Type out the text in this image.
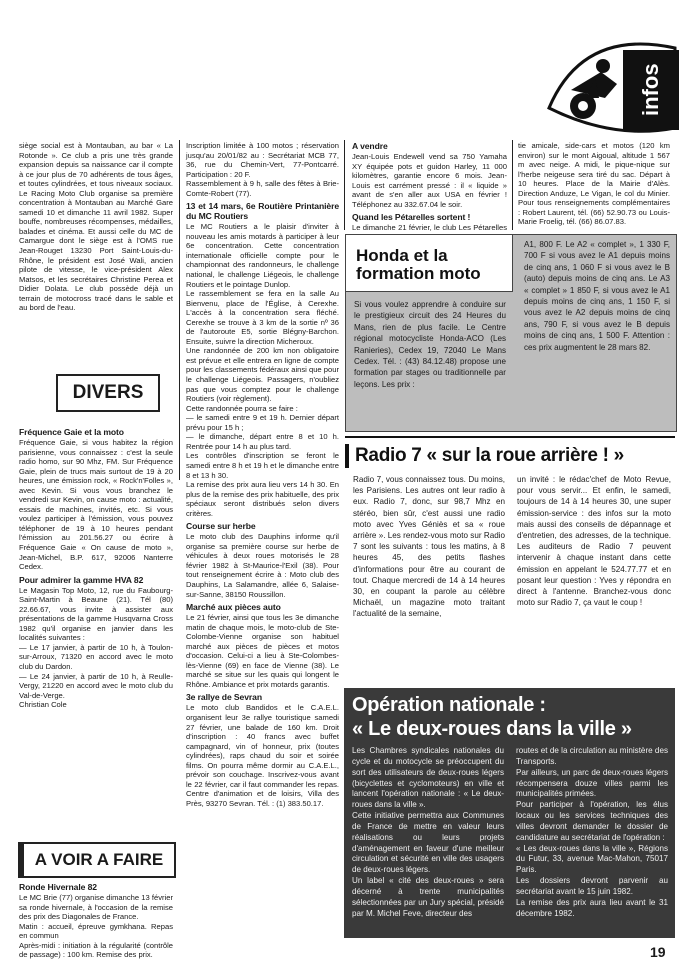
infos

siège social est à Montauban, au bar « La Rotonde ». Ce club a pris une très grande expansion depuis sa naissance car il compte à ce jour plus de 70 adhérents de tous âges, et toutes cylindrées, et tous niveaux sociaux. Le Racing Moto Club organise sa première concentration à Montauban au Marché Gare samedi 10 et dimanche 11 avril 1982. Super bouffe, nombreuses récompenses, médailles, balades et cinéma. Et aussi celle du MC de Camargue dont le siège est à l'OMS rue Jean-Rouget 13230 Port Saint-Louis-du-Rhône, le président est José Wali, ancien pilote de vitesse, le vice-président Alex Matsos, et les secrétaires Christine Perea et Didier Dolata. Le club possède déjà un terrain de motocross tracé dans le sable et au bord de l'eau.

DIVERS
Fréquence Gaie et la moto

Fréquence Gaie, si vous habitez la région parisienne, vous connaissez : c'est la seule radio homo, sur 90 Mhz, FM. Sur Fréquence Gaie, plein de trucs mais surtout de 19 à 20 heures, une émission rock, « Rock'n'Folles », avec Kevin. Si vous vous branchez le vendredi sur Kevin, on cause moto : actualité, essais de machines, invités, etc. Si vous voulez participer à l'émission, vous pouvez téléphoner de 19 à 10 heures pendant l'émission au 201.56.27 ou écrire à Fréquence Gaie « On cause de moto », Jean-Michel, B.P. 617, 92006 Nanterre Cedex.

Pour admirer la gamme HVA 82

Le Magasin Top Moto, 12, rue du Faubourg-Saint-Martin à Beaune (21). Tél (80) 22.66.67, vous invite à assister aux présentations de la gamme Husqvarna Cross 1982 qu'il organise en janvier dans les localités suivantes :

— Le 17 janvier, à partir de 10 h, à Toulon-sur-Arroux, 71320 en accord avec le moto club du Dardon.

— Le 24 janvier, à partir de 10 h, à Reulle-Vergy, 21220 en accord avec le moto club du Val-de-Verge.

Christian Cole

A VOIR A FAIRE
Ronde Hivernale 82

Le MC Brie (77) organise dimanche 13 février sa ronde hivernale, à l'occasion de la remise des prix des Diagonales de France.

Matin : accueil, épreuve gymkhana. Repas en commun

Après-midi : initiation à la régularité (contrôle de passage) : 100 km. Remise des prix.

Inscription limitée à 100 motos ; réservation jusqu'au 20/01/82 au : Secrétariat MCB 77, 36, rue du Chemin-Vert, 77-Pontcarré. Participation : 20 F.

Rassemblement à 9 h, salle des fêtes à Brie-Comte-Robert (77).

13 et 14 mars, 6e Routière Printanière du MC Routiers

Le MC Routiers a le plaisir d'inviter à nouveau les amis motards à participer à leur 6e concentration. Cette concentration internationale officielle compte pour le championnat des randonneurs, le challenge national, le challenge Liégeois, le challenge Routiers et le pointage Dunlop.

Le rassemblement se fera en la salle Au Bienvenu, place de l'Église, à Cerexhe. L'accès à la concentration sera fléché. Cerexhe se trouve à 3 km de la sortie nº 36 de l'autoroute E5, sortie Blégny-Barchon. Ensuite, suivre la direction Micheroux.

Une randonnée de 200 km non obligatoire est prévue et elle entrera en ligne de compte pour les classements fédéraux ainsi que pour le challenge Liégeois. Passagers, n'oubliez pas que vous comptez pour le challenge Routiers (voir règlement).

Cette randonnée pourra se faire :

— le samedi entre 9 et 19 h. Dernier départ prévu pour 15 h ;

— le dimanche, départ entre 8 et 10 h. Rentrée pour 14 h au plus tard.

Les contrôles d'inscription se feront le samedi entre 8 h et 19 h et le dimanche entre 8 et 13 h 30.

La remise des prix aura lieu vers 14 h 30. En plus de la remise des prix habituelle, des prix spéciaux seront distribués selon divers critères.

Course sur herbe

Le moto club des Dauphins informe qu'il organise sa première course sur herbe de véhicules à deux roues motorisés le 28 février 1982 à St-Maurice-l'Exil (38). Pour tout renseignement écrire à : Moto club des Dauphins, La Salamandre, allée 6, Salaise-sur-Sanne, 38150 Roussillon.

Marché aux pièces auto

Le 21 février, ainsi que tous les 3e dimanche matin de chaque mois, le moto-club de Ste-Colombe-Vienne organise son habituel marché aux pièces de pièces et motos d'occasion. Celui-ci a lieu à Ste-Colombes-lès-Vienne (69) en face de Vienne (38). Le marché se situe sur les quais qui longent le Rhône. Ambiance et prix motards garantis.

3e rallye de Sevran

Le moto club Bandidos et le C.A.E.L. organisent leur 3e rallye touristique samedi 27 février, une balade de 160 km. Droit d'inscription : 40 francs avec buffet campagnard, vin of honneur, prix (toutes cylindrées), raps chaud du soir et soirée films. On pourra même dormir au C.A.E.L., prévoir son couchage. Inscrivez-vous avant le 22 février, car il faut commander les repas. Centre d'animation et de loisirs, Villa des Près, 93270 Sevran. Tél. : (1) 383.50.17.

A vendre

Jean-Louis Endewell vend sa 750 Yamaha XY équipée pots et guidon Harley, 11 000 kilomètres, garantie encore 6 mois. Jean-Louis est carrément pressé : il « liquide » avant de s'en aller aux USA en février ! Téléphonez au 332.67.04 le soir.

Quand les Pétarelles sortent !

Le dimanche 21 février, le club Les Pétarelles

tie amicale, side-cars et motos (120 km environ) sur le mont Aigoual, altitude 1 567 m avec neige. A midi, le pique-nique sur l'herbe neigeuse sera tiré du sac. Départ à 10 heures. Place de la Mairie d'Alès. Direction Anduze, Le Vigan, le col du Minier. Pour tous renseignements complémentaires : Robert Laurent, tél. (66) 52.90.73 ou Louis-Marie Froelig, tél. (66) 86.07.83.

Honda et la formation moto
Si vous voulez apprendre à conduire sur le prestigieux circuit des 24 Heures du Mans, rien de plus facile. Le Centre régional motocycliste Honda-ACO (Les Ranieries), Cedex 19, 72040 Le Mans Cedex. Tél. : (43) 84.12.48) propose une formation par stages ou traditionnelle par leçons. Les prix :
A1, 800 F. Le A2 « complet », 1 330 F, 700 F si vous avez le A1 depuis moins de cinq ans, 1 060 F si vous avez le B (auto) depuis moins de cinq ans. Le A3 « complet » 1 850 F, si vous avez le A1 depuis moins de cinq ans, 1 150 F, si vous avez le A2 depuis moins de cinq ans, 790 F, si vous avez le B depuis moins de cinq ans, 1 500 F. Attention : ces prix augmentent le 28 mars 82.
Radio 7 « sur la roue arrière ! »
Radio 7, vous connaissez tous. Du moins, les Parisiens. Les autres ont leur radio à eux. Radio 7, donc, sur 98,7 Mhz en stéréo, bien sûr, c'est aussi une radio moto avec Yves Géniès et sa « roue arrière ». Les rendez-vous moto sur Radio 7 sont les suivants : tous les matins, à 8 heures 45, des petits flashes d'informations pour être au courant de tout. Chaque mercredi de 14 à 14 heures 30, en coupant la parole au célèbre Michaël, un magazine moto traitant l'actualité de la semaine,
un invité : le rédac'chef de Moto Revue, pour vous servir... Et enfin, le samedi, toujours de 14 à 14 heures 30, une super émission-service : des infos sur la moto mais aussi des conseils de dépannage et d'entretien, des adresses, de la technique. Les auditeurs de Radio 7 peuvent intervenir à chaque instant dans cette émission en appelant le 524.77.77 et en posant leur question : Yves y répondra en direct à l'antenne. Branchez-vous donc moto sur Radio 7, ça vaut le coup !
Opération nationale :
« Le deux-roues dans la ville »

Les Chambres syndicales nationales du cycle et du motocycle se préoccupent du sort des utilisateurs de deux-roues légers (bicyclettes et cyclomoteurs) en ville et lancent l'opération nationale : « Le deux-roues dans la ville ».

Cette initiative permettra aux Communes de France de mettre en valeur leurs réalisations ou leurs projets d'aménagement en faveur d'une meilleur circulation et sécurité en ville des usagers de deux-roues légers.

Un label « cité des deux-roues » sera décerné à trente municipalités sélectionnées par un Jury spécial, présidé par M. Michel Feve, directeur des

routes et de la circulation au ministère des Transports.

Par ailleurs, un parc de deux-roues légers récompensera douze villes parmi les municipalités primées.

Pour participer à l'opération, les élus locaux ou les services techniques des villes devront demander le dossier de candidature au secrétariat de l'opération :

« Les deux-roues dans la ville », Régions du Futur, 33, avenue Mac-Mahon, 75017 Paris.

Les dossiers devront parvenir au secrétariat avant le 15 juin 1982.

La remise des prix aura lieu avant le 31 décembre 1982.

19
